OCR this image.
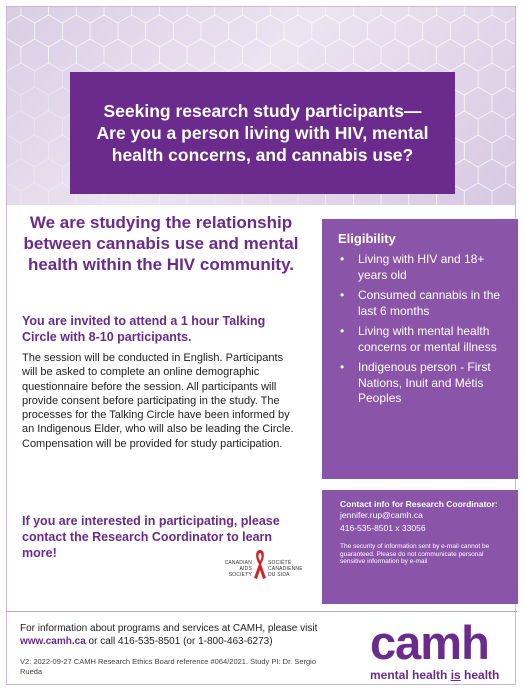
Seeking research study participants— Are you a person living with HIV, mental health concerns, and cannabis use?

We are studying the relationship between cannabis use and mental health within the HIV community.

You are invited to attend a 1 hour Talking Circle with 8-10 participants.

The session will be conducted in English. Participants will be asked to complete an online demographic questionnaire before the session. All participants will provide consent before participating in the study. The processes for the Talking Circle have been informed by an Indigenous Elder, who will also be leading the Circle. Compensation will be provided for study participation.

If you are interested in participating, please contact the Research Coordinator to learn more!

CANADIAN
AIDS
SOCIETY
SOCIÉTÉ
CANADIENNE
DU SIDA
Eligibility
• Living with HIV and 18+ years old
• Consumed cannabis in the last 6 months
• Living with mental health concerns or mental illness
• Indigenous person - First Nations, Inuit and Métis Peoples
Contact info for Research Coordinator:
jennifer.rup@camh.ca
416-535-8501 x 33056
The security of information sent by e-mail cannot be guaranteed. Please do not communicate personal sensitive information by e-mail

For information about programs and services at CAMH, please visit www.camh.ca or call 416-535-8501 (or 1-800-463-6273)

V2: 2022-09-27 CAMH Research Ethics Board reference #064/2021. Study PI: Dr. Sergio Rueda

camh
mental health is health
